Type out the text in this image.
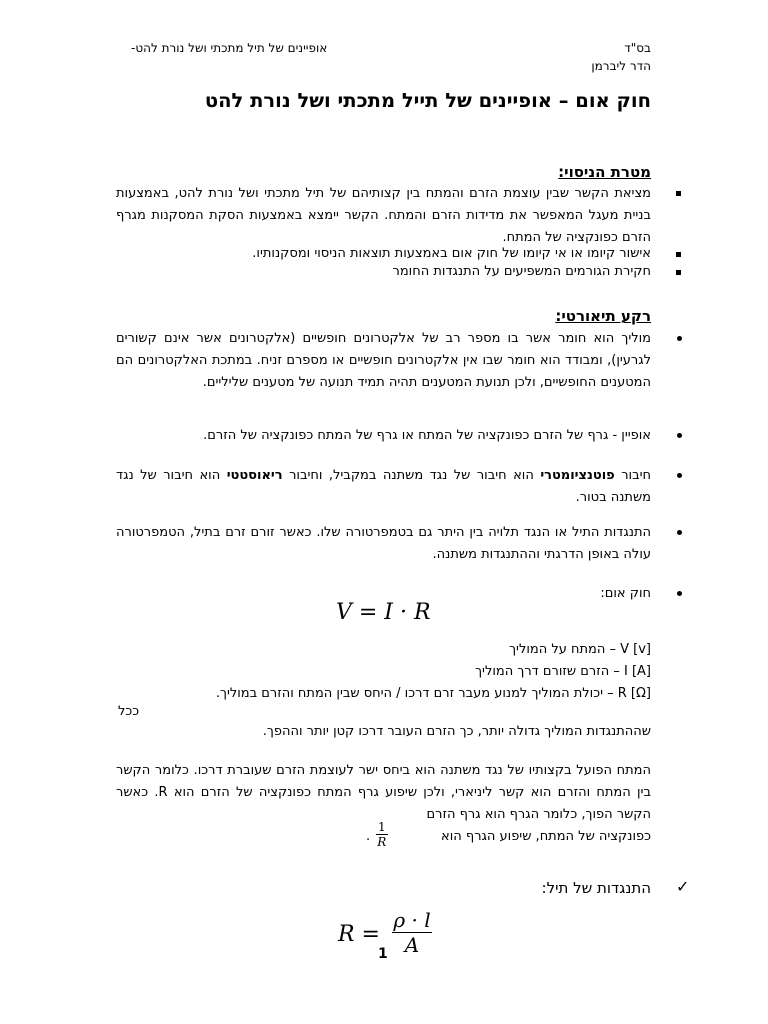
בס"ד
הדר ליברמן
אופיינים של תיל מתכתי ושל נורת להט-
חוק אום – אופיינים של תייל מתכתי ושל נורת להט
מטרת הניסוי:
מציאת הקשר שבין עוצמת הזרם והמתח בין קצותיהם של תיל מתכתי ושל נורת להט, באמצעות בניית מעגל המאפשר את מדידות הזרם והמתח. הקשר יימצא באמצעות הסקת המסקנות מגרף הזרם כפונקציה של המתח.
אישור קיומו או אי קיומו של חוק אום באמצעות תוצאות הניסוי ומסקנותיו.
חקירת הגורמים המשפיעים על התנגדות החומר
רקע תיאורטי:
מוליך הוא חומר אשר בו מספר רב של אלקטרונים חופשיים (אלקטרונים אשר אינם קשורים לגרעין), ומבודד הוא חומר שבו אין אלקטרונים חופשיים או מספרם זניח. במתכת האלקטרונים הם המטענים החופשיים, ולכן תנועת המטענים תהיה תמיד תנועה של מטענים שליליים.
אופיין - גרף של הזרם כפונקציה של המתח או גרף של המתח כפונקציה של הזרם.
חיבור פוטנציומטרי הוא חיבור של נגד משתנה במקביל, וחיבור ריאוסטטי הוא חיבור של נגד משתנה בטור.
התנגדות התיל או הנגד תלויה בין היתר גם בטמפרטורה שלו. כאשר זורם זרם בתיל, הטמפרטורה עולה באופן הדרגתי וההתנגדות משתנה.
חוק אום:
V = I · R
V [v] – המתח על המוליך
I [A] – הזרם שזורם דרך המוליך
R [Ω] – יכולת המוליך למנוע מעבר זרם דרכו / היחס שבין המתח והזרם במוליך.
ככל
שההתנגדות המוליך גדולה יותר, כך הזרם העובר דרכו קטן יותר וההפך.
המתח הפועל בקצותיו של נגד משתנה הוא ביחס ישר לעוצמת הזרם שעוברת דרכו. כלומר הקשר בין המתח והזרם הוא קשר ליניארי, ולכן שיפוע גרף המתח כפונקציה של הזרם הוא R. כאשר הקשר הפוך, כלומר הגרף הוא גרף הזרם
כפונקציה של המתח, שיפוע הגרף הוא
$\frac{1}{R}$
.
✓
התנגדות של תיל:
$R = \frac{\rho \cdot l}{A}$
1
